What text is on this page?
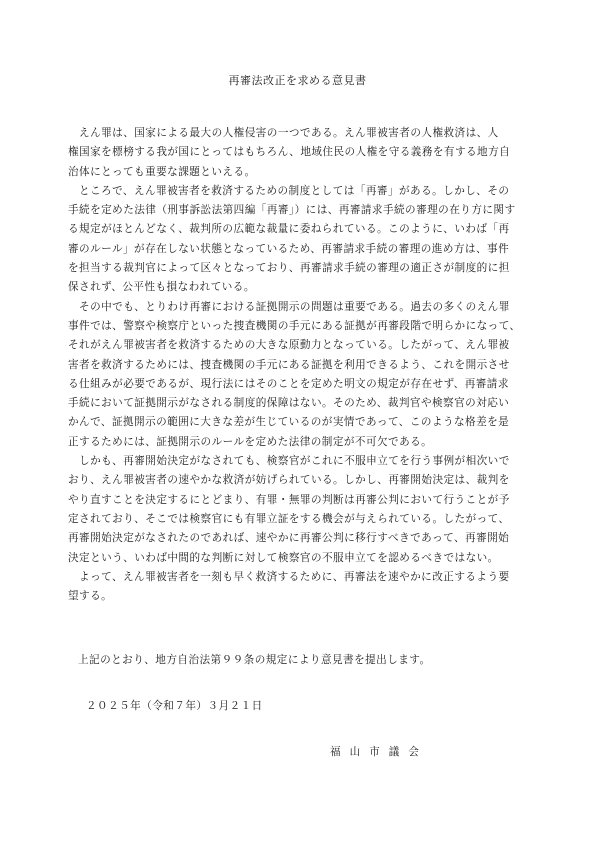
再審法改正を求める意見書
　えん罪は、国家による最大の人権侵害の一つである。えん罪被害者の人権救済は、人
権国家を標榜する我が国にとってはもちろん、地域住民の人権を守る義務を有する地方自
治体にとっても重要な課題といえる。
　ところで、えん罪被害者を救済するための制度としては「再審」がある。しかし、その
手続を定めた法律（刑事訴訟法第四編「再審」）には、再審請求手続の審理の在り方に関す
る規定がほとんどなく、裁判所の広範な裁量に委ねられている。このように、いわば「再
審のルール」が存在しない状態となっているため、再審請求手続の審理の進め方は、事件
を担当する裁判官によって区々となっており、再審請求手続の審理の適正さが制度的に担
保されず、公平性も損なわれている。
　その中でも、とりわけ再審における証拠開示の問題は重要である。過去の多くのえん罪
事件では、警察や検察庁といった捜査機関の手元にある証拠が再審段階で明らかになって、
それがえん罪被害者を救済するための大きな原動力となっている。したがって、えん罪被
害者を救済するためには、捜査機関の手元にある証拠を利用できるよう、これを開示させ
る仕組みが必要であるが、現行法にはそのことを定めた明文の規定が存在せず、再審請求
手続において証拠開示がなされる制度的保障はない。そのため、裁判官や検察官の対応い
かんで、証拠開示の範囲に大きな差が生じているのが実情であって、このような格差を是
正するためには、証拠開示のルールを定めた法律の制定が不可欠である。
　しかも、再審開始決定がなされても、検察官がこれに不服申立てを行う事例が相次いで
おり、えん罪被害者の速やかな救済が妨げられている。しかし、再審開始決定は、裁判を
やり直すことを決定するにとどまり、有罪・無罪の判断は再審公判において行うことが予
定されており、そこでは検察官にも有罪立証をする機会が与えられている。したがって、
再審開始決定がなされたのであれば、速やかに再審公判に移行すべきであって、再審開始
決定という、いわば中間的な判断に対して検察官の不服申立てを認めるべきではない。
　よって、えん罪被害者を一刻も早く救済するために、再審法を速やかに改正するよう要
望する。
上記のとおり、地方自治法第９９条の規定により意見書を提出します。
２０２５年（令和７年）３月２１日
福山市議会
